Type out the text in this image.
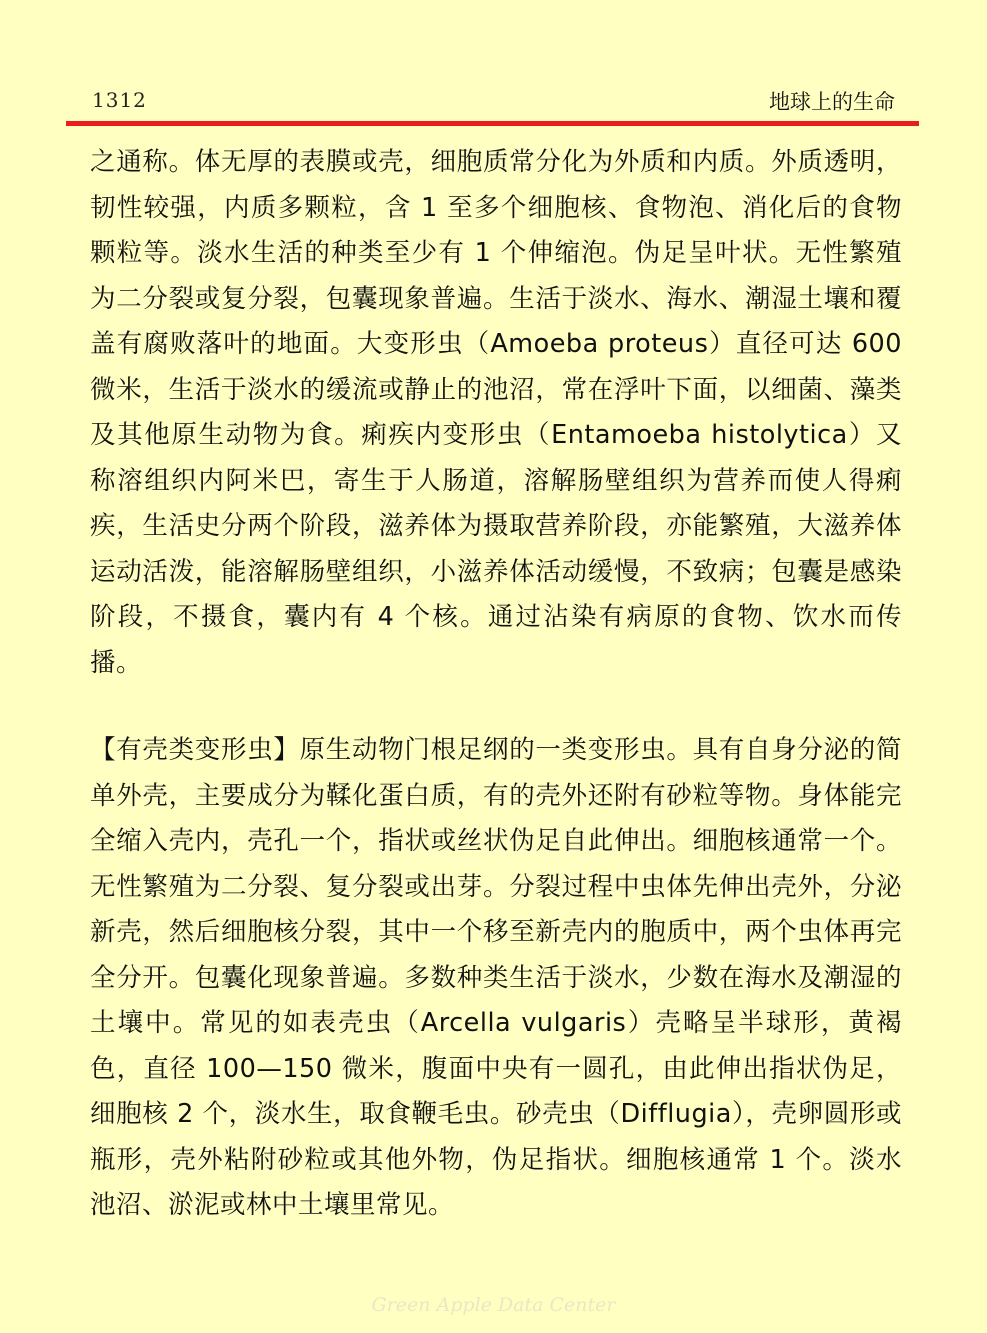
1312	地球上的生命

之通称。体无厚的表膜或壳，细胞质常分化为外质和内质。外质透明，韧性较强，内质多颗粒，含 1 至多个细胞核、食物泡、消化后的食物颗粒等。淡水生活的种类至少有 1 个伸缩泡。伪足呈叶状。无性繁殖为二分裂或复分裂，包囊现象普遍。生活于淡水、海水、潮湿土壤和覆盖有腐败落叶的地面。大变形虫（Amoeba proteus）直径可达 600 微米，生活于淡水的缓流或静止的池沼，常在浮叶下面，以细菌、藻类及其他原生动物为食。痢疾内变形虫（Entamoeba histolytica）又称溶组织内阿米巴，寄生于人肠道，溶解肠壁组织为营养而使人得痢疾，生活史分两个阶段，滋养体为摄取营养阶段，亦能繁殖，大滋养体运动活泼，能溶解肠壁组织，小滋养体活动缓慢，不致病；包囊是感染阶段，不摄食，囊内有 4 个核。通过沾染有病原的食物、饮水而传播。

【有壳类变形虫】原生动物门根足纲的一类变形虫。具有自身分泌的简单外壳，主要成分为鞣化蛋白质，有的壳外还附有砂粒等物。身体能完全缩入壳内，壳孔一个，指状或丝状伪足自此伸出。细胞核通常一个。无性繁殖为二分裂、复分裂或出芽。分裂过程中虫体先伸出壳外，分泌新壳，然后细胞核分裂，其中一个移至新壳内的胞质中，两个虫体再完全分开。包囊化现象普遍。多数种类生活于淡水，少数在海水及潮湿的土壤中。常见的如表壳虫（Arcella vulgaris）壳略呈半球形，黄褐色，直径 100—150 微米，腹面中央有一圆孔，由此伸出指状伪足，细胞核 2 个，淡水生，取食鞭毛虫。砂壳虫（Difflugia），壳卵圆形或瓶形，壳外粘附砂粒或其他外物，伪足指状。细胞核通常 1 个。淡水池沼、淤泥或林中土壤里常见。

Green Apple Data Center
